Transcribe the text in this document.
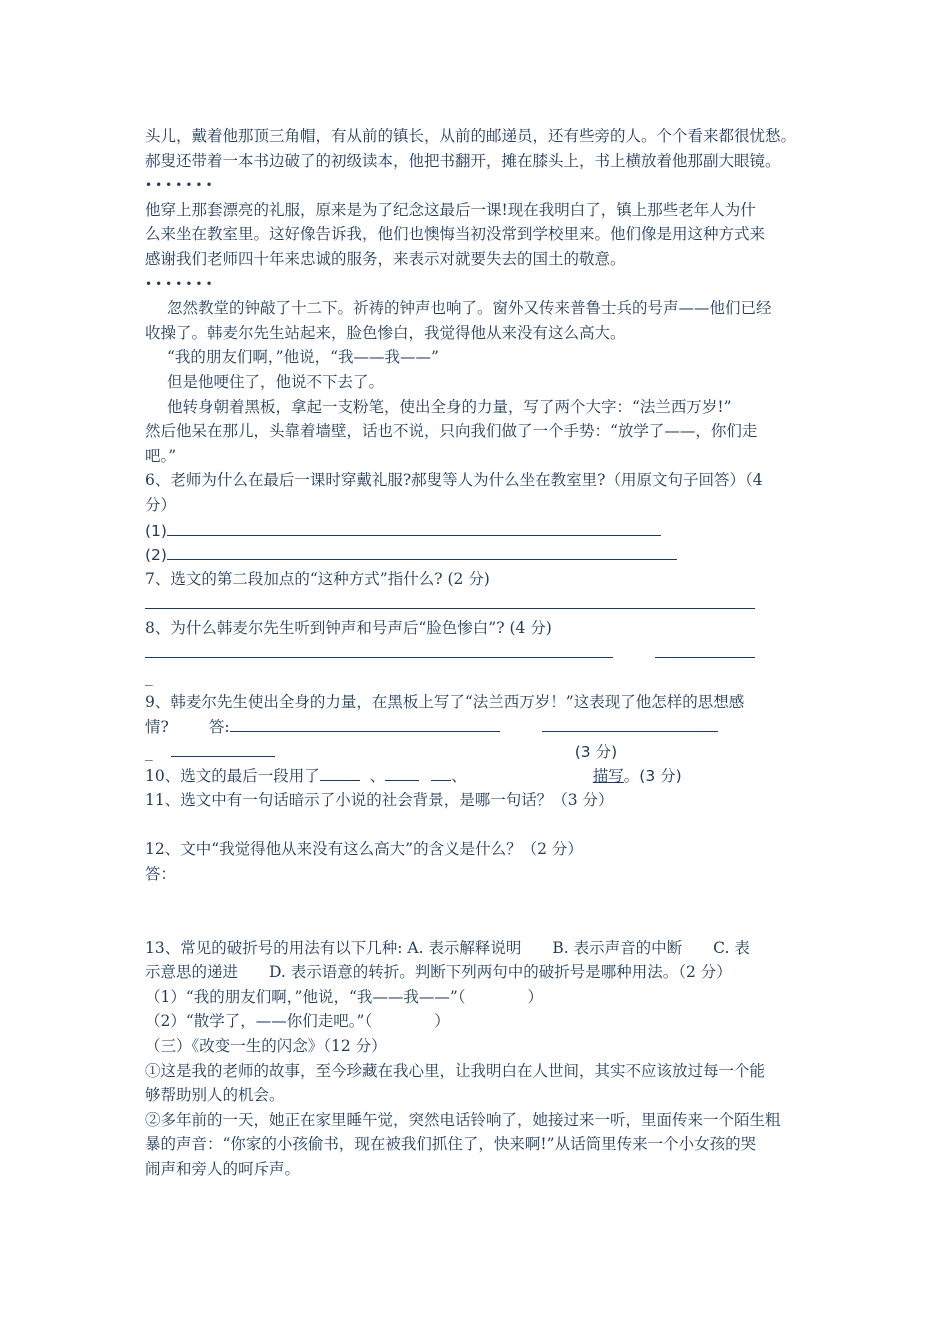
头儿，戴着他那顶三角帽，有从前的镇长，从前的邮递员，还有些旁的人。个个看来都很忧愁。
郝叟还带着一本书边破了的初级读本，他把书翻开，摊在膝头上，书上横放着他那副大眼镜。
•••••••
他穿上那套漂亮的礼服，原来是为了纪念这最后一课!现在我明白了，镇上那些老年人为什
么来坐在教室里。这好像告诉我，他们也懊悔当初没常到学校里来。他们像是用这种方式来
感谢我们老师四十年来忠诚的服务，来表示对就要失去的国土的敬意。
•••••••
忽然教堂的钟敲了十二下。祈祷的钟声也响了。窗外又传来普鲁士兵的号声——他们已经
收操了。韩麦尔先生站起来，脸色惨白，我觉得他从来没有这么高大。
“我的朋友们啊，”他说，“我——我——”
但是他哽住了，他说不下去了。
他转身朝着黑板，拿起一支粉笔，使出全身的力量，写了两个大字：“法兰西万岁!”
然后他呆在那儿，头靠着墙壁，话也不说，只向我们做了一个手势：“放学了——，你们走
吧。”
6、老师为什么在最后一课时穿戴礼服?郝叟等人为什么坐在教室里?（用原文句子回答）（4
分）
(1)
(2)
7、选文的第二段加点的“这种方式”指什么? (2 分)
8、为什么韩麦尔先生听到钟声和号声后“脸色惨白”? (4 分)
_
9、韩麦尔先生使出全身的力量，在黑板上写了“法兰西万岁！”这表现了他怎样的思想感
情?	答:
_	(3 分)
10、选文的最后一段用了	、	、	描写。(3 分)
11、选文中有一句话暗示了小说的社会背景，是哪一句话？（3 分）
12、文中“我觉得他从来没有这么高大”的含义是什么？（2 分）
答：
13、常见的破折号的用法有以下几种: A. 表示解释说明　　B. 表示声音的中断　　C. 表
示意思的递进　　D. 表示语意的转折。判断下列两句中的破折号是哪种用法。（2 分）
（1）“我的朋友们啊，”他说，“我——我——”（　　　　）
（2）“散学了，——你们走吧。”（　　　　）
（三）《改变一生的闪念》（12 分）
①这是我的老师的故事，至今珍藏在我心里，让我明白在人世间，其实不应该放过每一个能
够帮助别人的机会。
②多年前的一天，她正在家里睡午觉，突然电话铃响了，她接过来一听，里面传来一个陌生粗
暴的声音：“你家的小孩偷书，现在被我们抓住了，快来啊!”从话筒里传来一个小女孩的哭
闹声和旁人的呵斥声。
